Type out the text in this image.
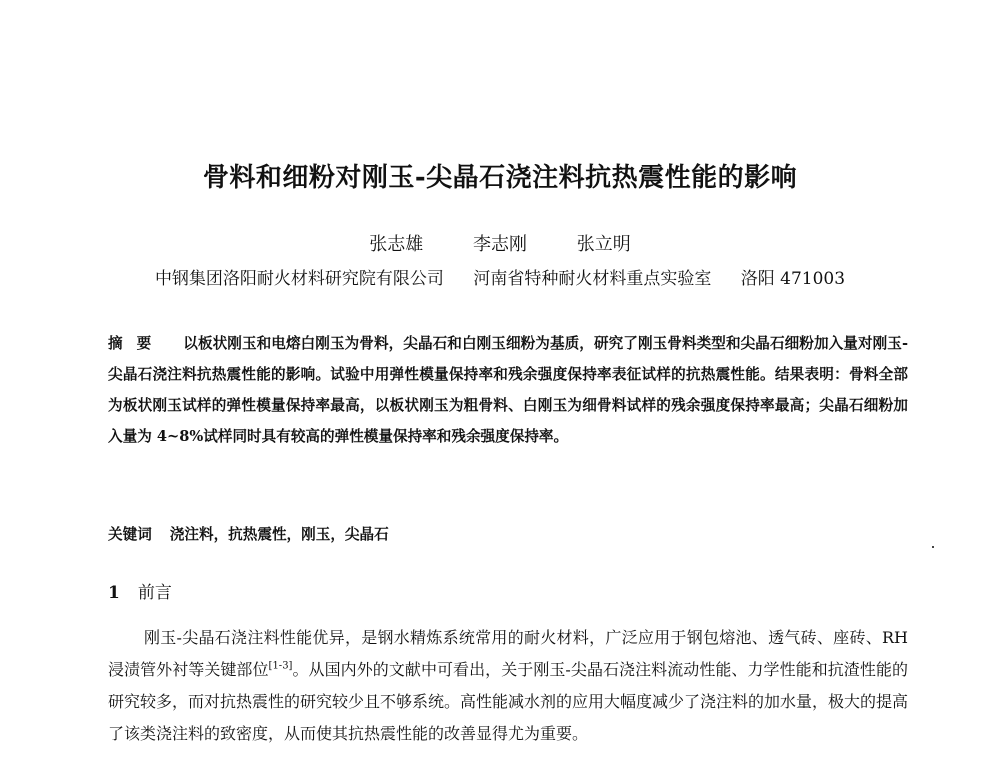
骨料和细粉对刚玉-尖晶石浇注料抗热震性能的影响
张志雄	李志刚	张立明
中钢集团洛阳耐火材料研究院有限公司 河南省特种耐火材料重点实验室 洛阳 471003
摘要 以板状刚玉和电熔白刚玉为骨料，尖晶石和白刚玉细粉为基质，研究了刚玉骨料类型和尖晶石细粉加入量对刚玉-尖晶石浇注料抗热震性能的影响。试验中用弹性模量保持率和残余强度保持率表征试样的抗热震性能。结果表明：骨料全部为板状刚玉试样的弹性模量保持率最高，以板状刚玉为粗骨料、白刚玉为细骨料试样的残余强度保持率最高；尖晶石细粉加入量为 4~8%试样同时具有较高的弹性模量保持率和残余强度保持率。
关键词 浇注料，抗热震性，刚玉，尖晶石
1 前言
刚玉-尖晶石浇注料性能优异，是钢水精炼系统常用的耐火材料，广泛应用于钢包熔池、透气砖、座砖、RH 浸渍管外衬等关键部位[1-3]。从国内外的文献中可看出，关于刚玉-尖晶石浇注料流动性能、力学性能和抗渣性能的研究较多，而对抗热震性的研究较少且不够系统。高性能减水剂的应用大幅度减少了浇注料的加水量，极大的提高了该类浇注料的致密度，从而使其抗热震性能的改善显得尤为重要。
